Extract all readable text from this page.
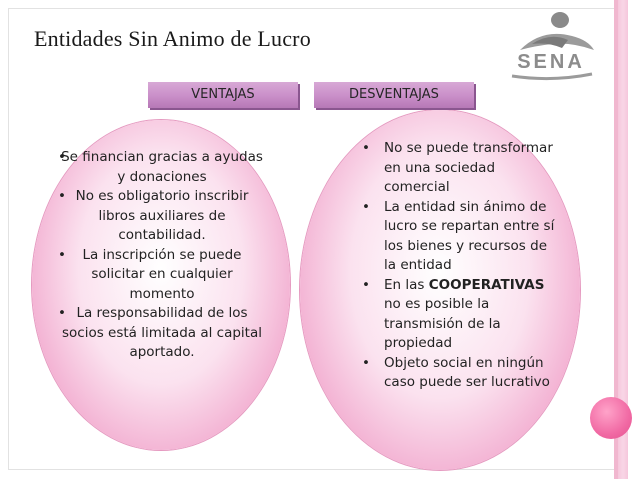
Entidades Sin Animo de Lucro
SENA
VENTAJAS	DESVENTAJAS
• Se financian gracias a ayudas y donaciones
• No es obligatorio inscribir libros auxiliares de contabilidad.
• La inscripción se puede solicitar en cualquier momento
• La responsabilidad de los socios está limitada al capital aportado.
• No se puede transformar en una sociedad comercial
• La entidad sin ánimo de lucro se repartan entre sí los bienes y recursos de la entidad
• En las COOPERATIVAS no es posible la transmisión de la propiedad
• Objeto social en ningún caso puede ser lucrativo
